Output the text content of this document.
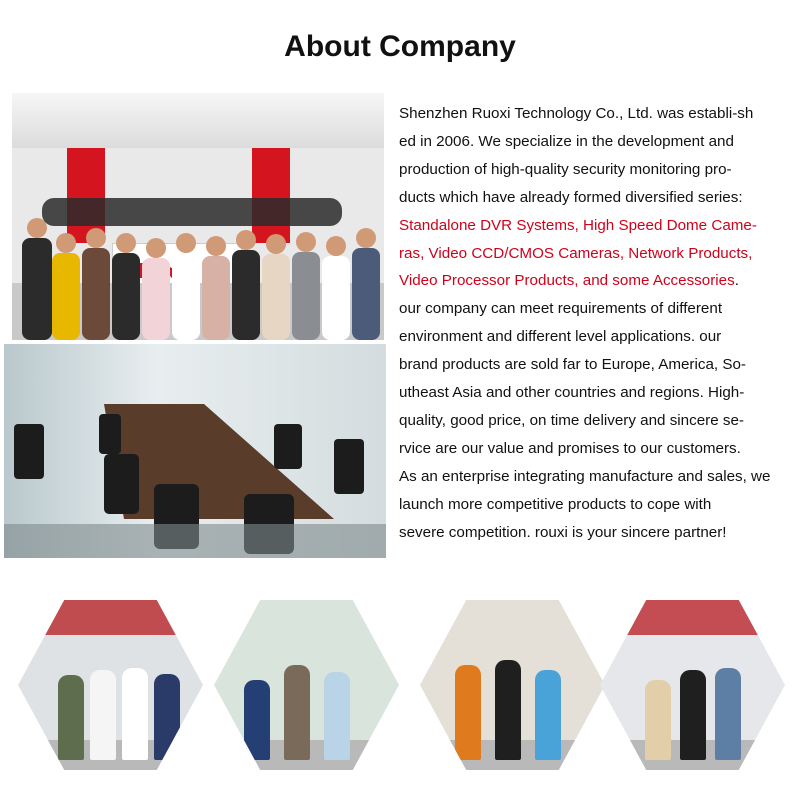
About Company
Shenzhen Ruoxi Technology Co., Ltd. was establi-sh
ed in 2006. We specialize in the development and
production of high-quality security monitoring pro-
ducts which have already formed diversified series:
Standalone DVR Systems, High Speed Dome Came-
ras, Video CCD/CMOS Cameras, Network Products,
Video Processor Products, and some Accessories.
our company can meet requirements of different
environment and different level applications. our
brand products are sold far to Europe, America, So-
utheast Asia and other countries and regions. High-
quality, good price, on time delivery and sincere se-
rvice are our value and promises to our customers.
As an enterprise integrating manufacture and sales, we
launch more competitive products to cope with
severe competition. rouxi is your sincere partner!
